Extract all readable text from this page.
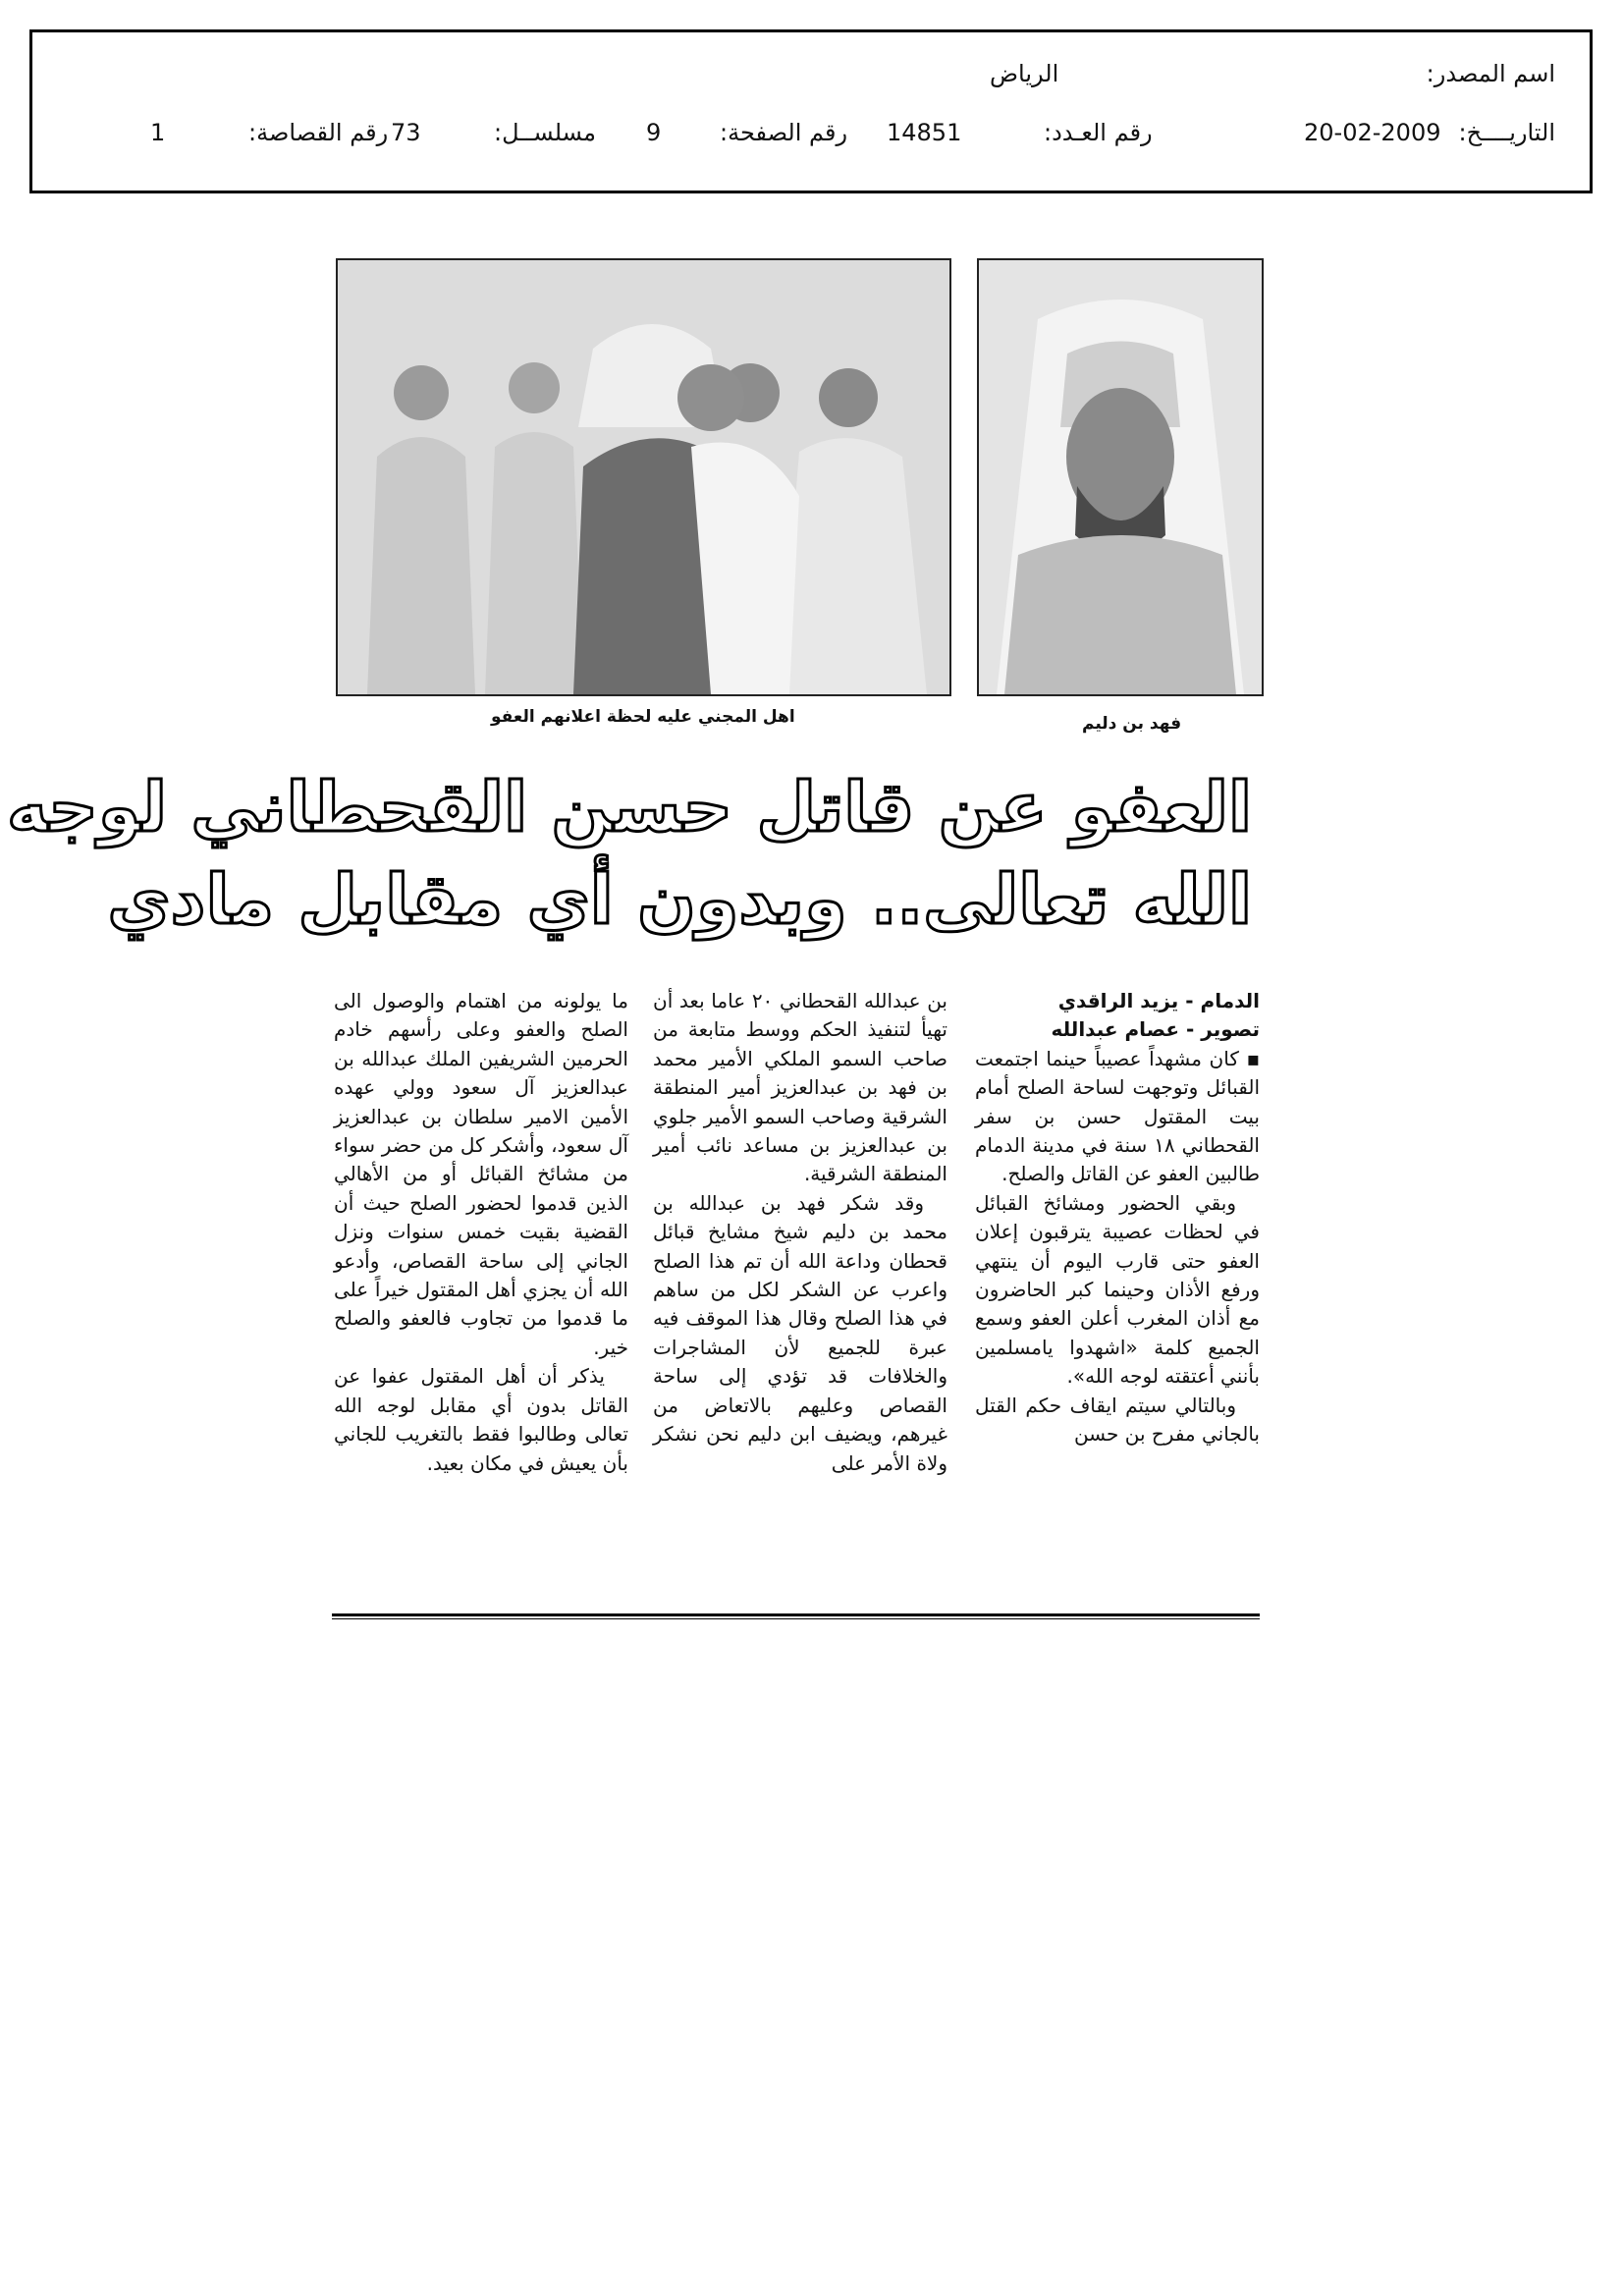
اسم المصدر:
الرياض
التاريــــخ:
20-02-2009
رقم العـدد:
14851
رقم الصفحة:
9
مسلســل:
73
رقم القصاصة:
1
اهل المجني عليه لحظة اعلانهم العفو	فهد بن دليم
العفو عن قاتل حسن القحطاني لوجه
الله تعالى.. وبدون أي مقابل مادي

الدمام - يزيد الراقدي

تصوير - عصام عبدالله

▪ كان مشهداً عصيباً حينما اجتمعت القبائل وتوجهت لساحة الصلح أمام بيت المقتول حسن بن سفر القحطاني ١٨ سنة في مدينة الدمام طالبين العفو عن القاتل والصلح.

وبقي الحضور ومشائخ القبائل في لحظات عصيبة يترقبون إعلان العفو حتى قارب اليوم أن ينتهي ورفع الأذان وحينما كبر الحاضرون مع أذان المغرب أعلن العفو وسمع الجميع كلمة «اشهدوا يامسلمين بأنني أعتقته لوجه الله».

وبالتالي سيتم ايقاف حكم القتل بالجاني مفرح بن حسن

بن عبدالله القحطاني ٢٠ عاما بعد أن تهيأ لتنفيذ الحكم ووسط متابعة من صاحب السمو الملكي الأمير محمد بن فهد بن عبدالعزيز أمير المنطقة الشرقية وصاحب السمو الأمير جلوي بن عبدالعزيز بن مساعد نائب أمير المنطقة الشرقية.

وقد شكر فهد بن عبدالله بن محمد بن دليم شيخ مشايخ قبائل قحطان وداعة الله أن تم هذا الصلح واعرب عن الشكر لكل من ساهم في هذا الصلح وقال هذا الموقف فيه عبرة للجميع لأن المشاجرات والخلافات قد تؤدي إلى ساحة القصاص وعليهم بالاتعاض من غيرهم، ويضيف ابن دليم نحن نشكر ولاة الأمر على

ما يولونه من اهتمام والوصول الى الصلح والعفو وعلى رأسهم خادم الحرمين الشريفين الملك عبدالله بن عبدالعزيز آل سعود وولي عهده الأمين الامير سلطان بن عبدالعزيز آل سعود، وأشكر كل من حضر سواء من مشائخ القبائل أو من الأهالي الذين قدموا لحضور الصلح حيث أن القضية بقيت خمس سنوات ونزل الجاني إلى ساحة القصاص، وأدعو الله أن يجزي أهل المقتول خيراً على ما قدموا من تجاوب فالعفو والصلح خير.

يذكر أن أهل المقتول عفوا عن القاتل بدون أي مقابل لوجه الله تعالى وطالبوا فقط بالتغريب للجاني بأن يعيش في مكان بعيد.
